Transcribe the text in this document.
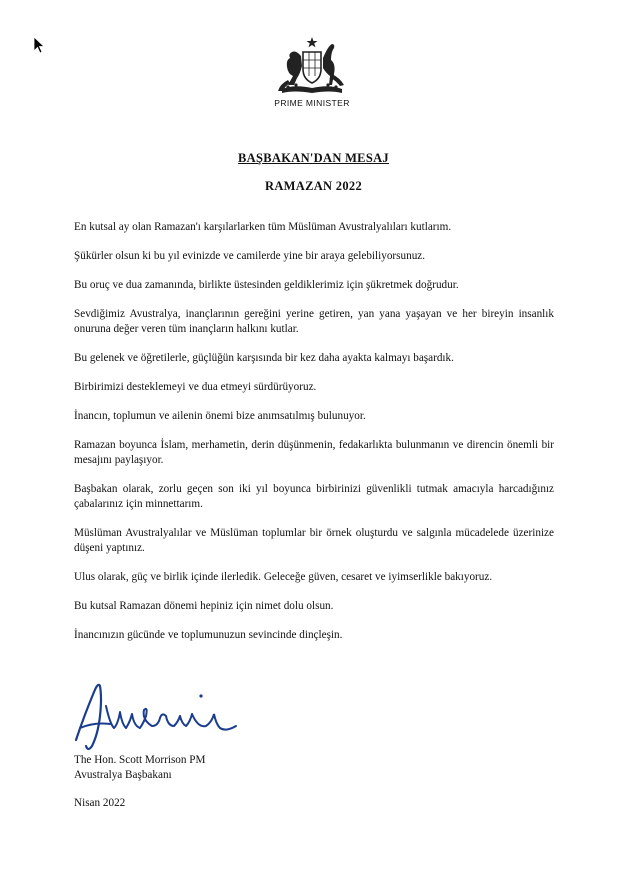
PRIME MINISTER
BAŞBAKAN'DAN MESAJ
RAMAZAN 2022

En kutsal ay olan Ramazan'ı karşılarlarken tüm Müslüman Avustralyalıları kutlarım.

Şükürler olsun ki bu yıl evinizde ve camilerde yine bir araya gelebiliyorsunuz.

Bu oruç ve dua zamanında, birlikte üstesinden geldiklerimiz için şükretmek doğrudur.

Sevdiğimiz Avustralya, inançlarının gereğini yerine getiren, yan yana yaşayan ve her bireyin insanlık onuruna değer veren tüm inançların halkını kutlar.

Bu gelenek ve öğretilerle, güçlüğün karşısında bir kez daha ayakta kalmayı başardık.

Birbirimizi desteklemeyi ve dua etmeyi sürdürüyoruz.

İnancın, toplumun ve ailenin önemi bize anımsatılmış bulunuyor.

Ramazan boyunca İslam, merhametin, derin düşünmenin, fedakarlıkta bulunmanın ve direncin önemli bir mesajını paylaşıyor.

Başbakan olarak, zorlu geçen son iki yıl boyunca birbirinizi güvenlikli tutmak amacıyla harcadığınız çabalarınız için minnettarım.

Müslüman Avustralyalılar ve Müslüman toplumlar bir örnek oluşturdu ve salgınla mücadelede üzerinize düşeni yaptınız.

Ulus olarak, güç ve birlik içinde ilerledik. Geleceğe güven, cesaret ve iyimserlikle bakıyoruz.

Bu kutsal Ramazan dönemi hepiniz için nimet dolu olsun.

İnancınızın gücünde ve toplumunuzun sevincinde dinçleşin.

The Hon. Scott Morrison PM
Avustralya Başbakanı
Nisan 2022
